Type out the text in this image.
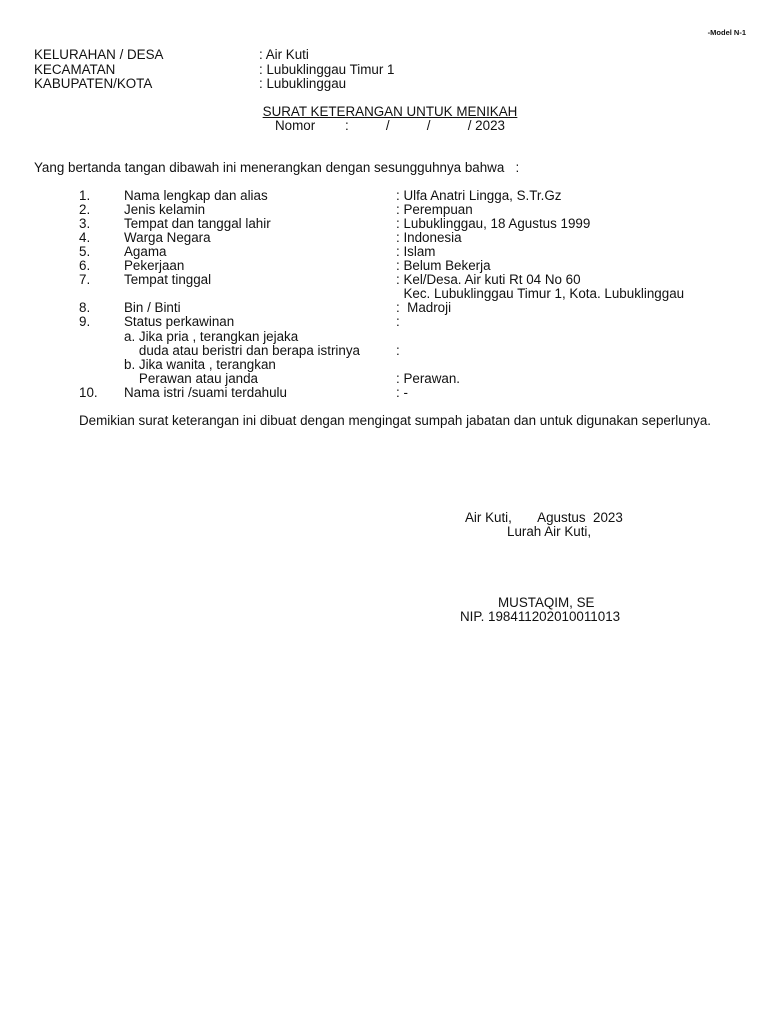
-Model N-1
KELURAHAN / DESA	: Air Kuti
KECAMATAN	: Lubuklinggau Timur 1
KABUPATEN/KOTA	: Lubuklinggau
SURAT KETERANGAN UNTUK MENIKAH
Nomor        :          /          /          / 2023
Yang bertanda tangan dibawah ini menerangkan dengan sesungguhnya bahwa   :
1.	Nama lengkap dan alias	: Ulfa Anatri Lingga, S.Tr.Gz
2.	Jenis kelamin	: Perempuan
3.	Tempat dan tanggal lahir	: Lubuklinggau, 18 Agustus 1999
4.	Warga Negara	: Indonesia
5.	Agama	: Islam
6.	Pekerjaan	: Belum Bekerja
7.	Tempat tinggal	: Kel/Desa. Air kuti Rt 04 No 60
Kec. Lubuklinggau Timur 1, Kota. Lubuklinggau
8.	Bin / Binti	:  Madroji
9.	Status perkawinan	:
a. Jika pria , terangkan jejaka
duda atau beristri dan berapa istrinya	:
b. Jika wanita , terangkan
Perawan atau janda	: Perawan.
10. Nama istri /suami terdahulu	: -
Demikian surat keterangan ini dibuat dengan mengingat sumpah jabatan dan untuk digunakan seperlunya.
Air Kuti,       Agustus  2023
Lurah Air Kuti,
MUSTAQIM, SE
NIP. 198411202010011013
